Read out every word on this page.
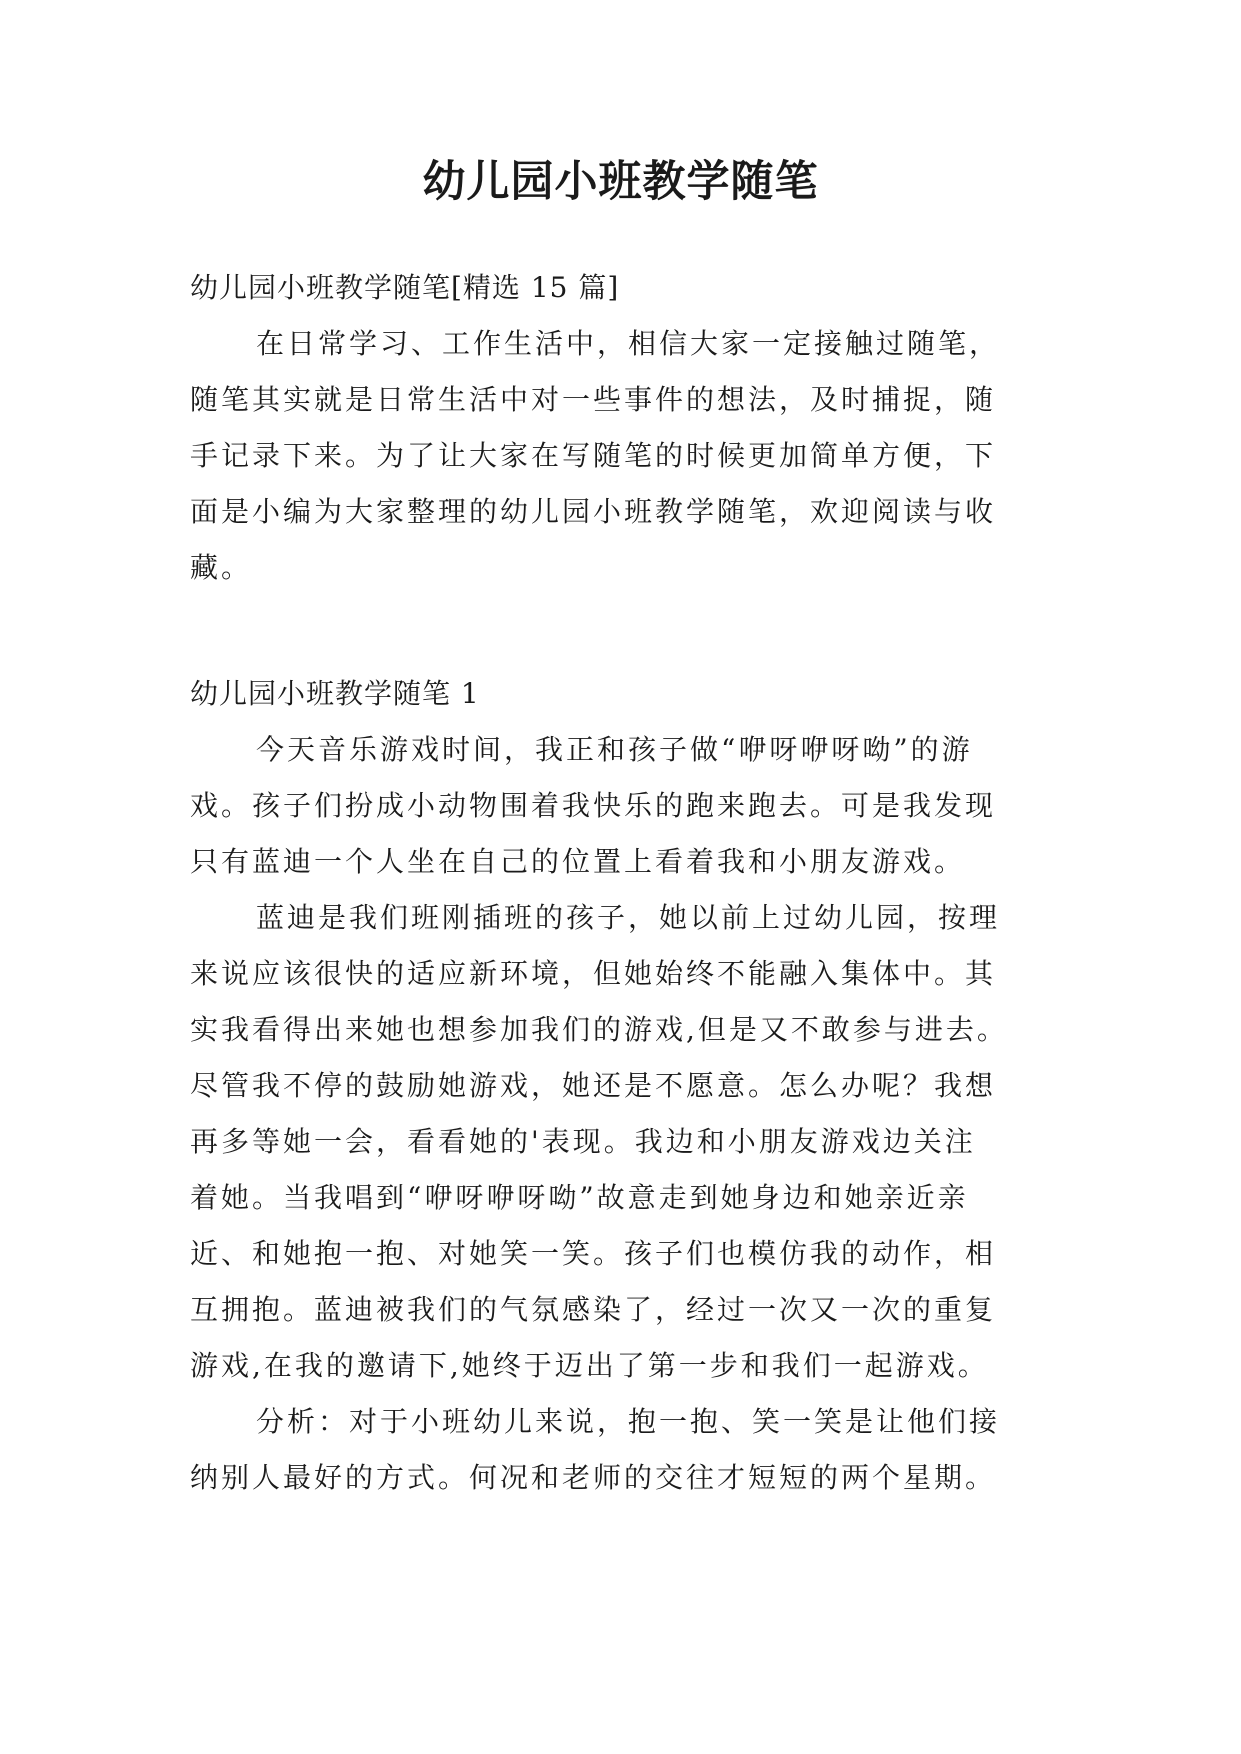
幼儿园小班教学随笔
幼儿园小班教学随笔[精选 15 篇]
在日常学习、工作生活中，相信大家一定接触过随笔，
随笔其实就是日常生活中对一些事件的想法，及时捕捉，随
手记录下来。为了让大家在写随笔的时候更加简单方便，下
面是小编为大家整理的幼儿园小班教学随笔，欢迎阅读与收
藏。
幼儿园小班教学随笔 1
今天音乐游戏时间，我正和孩子做“咿呀咿呀呦”的游
戏。孩子们扮成小动物围着我快乐的跑来跑去。可是我发现
只有蓝迪一个人坐在自己的位置上看着我和小朋友游戏。
蓝迪是我们班刚插班的孩子，她以前上过幼儿园，按理
来说应该很快的适应新环境，但她始终不能融入集体中。其
实我看得出来她也想参加我们的游戏,但是又不敢参与进去。
尽管我不停的鼓励她游戏，她还是不愿意。怎么办呢？我想
再多等她一会，看看她的'表现。我边和小朋友游戏边关注
着她。当我唱到“咿呀咿呀呦”故意走到她身边和她亲近亲
近、和她抱一抱、对她笑一笑。孩子们也模仿我的动作，相
互拥抱。蓝迪被我们的气氛感染了，经过一次又一次的重复
游戏,在我的邀请下,她终于迈出了第一步和我们一起游戏。
分析：对于小班幼儿来说，抱一抱、笑一笑是让他们接
纳别人最好的方式。何况和老师的交往才短短的两个星期。
